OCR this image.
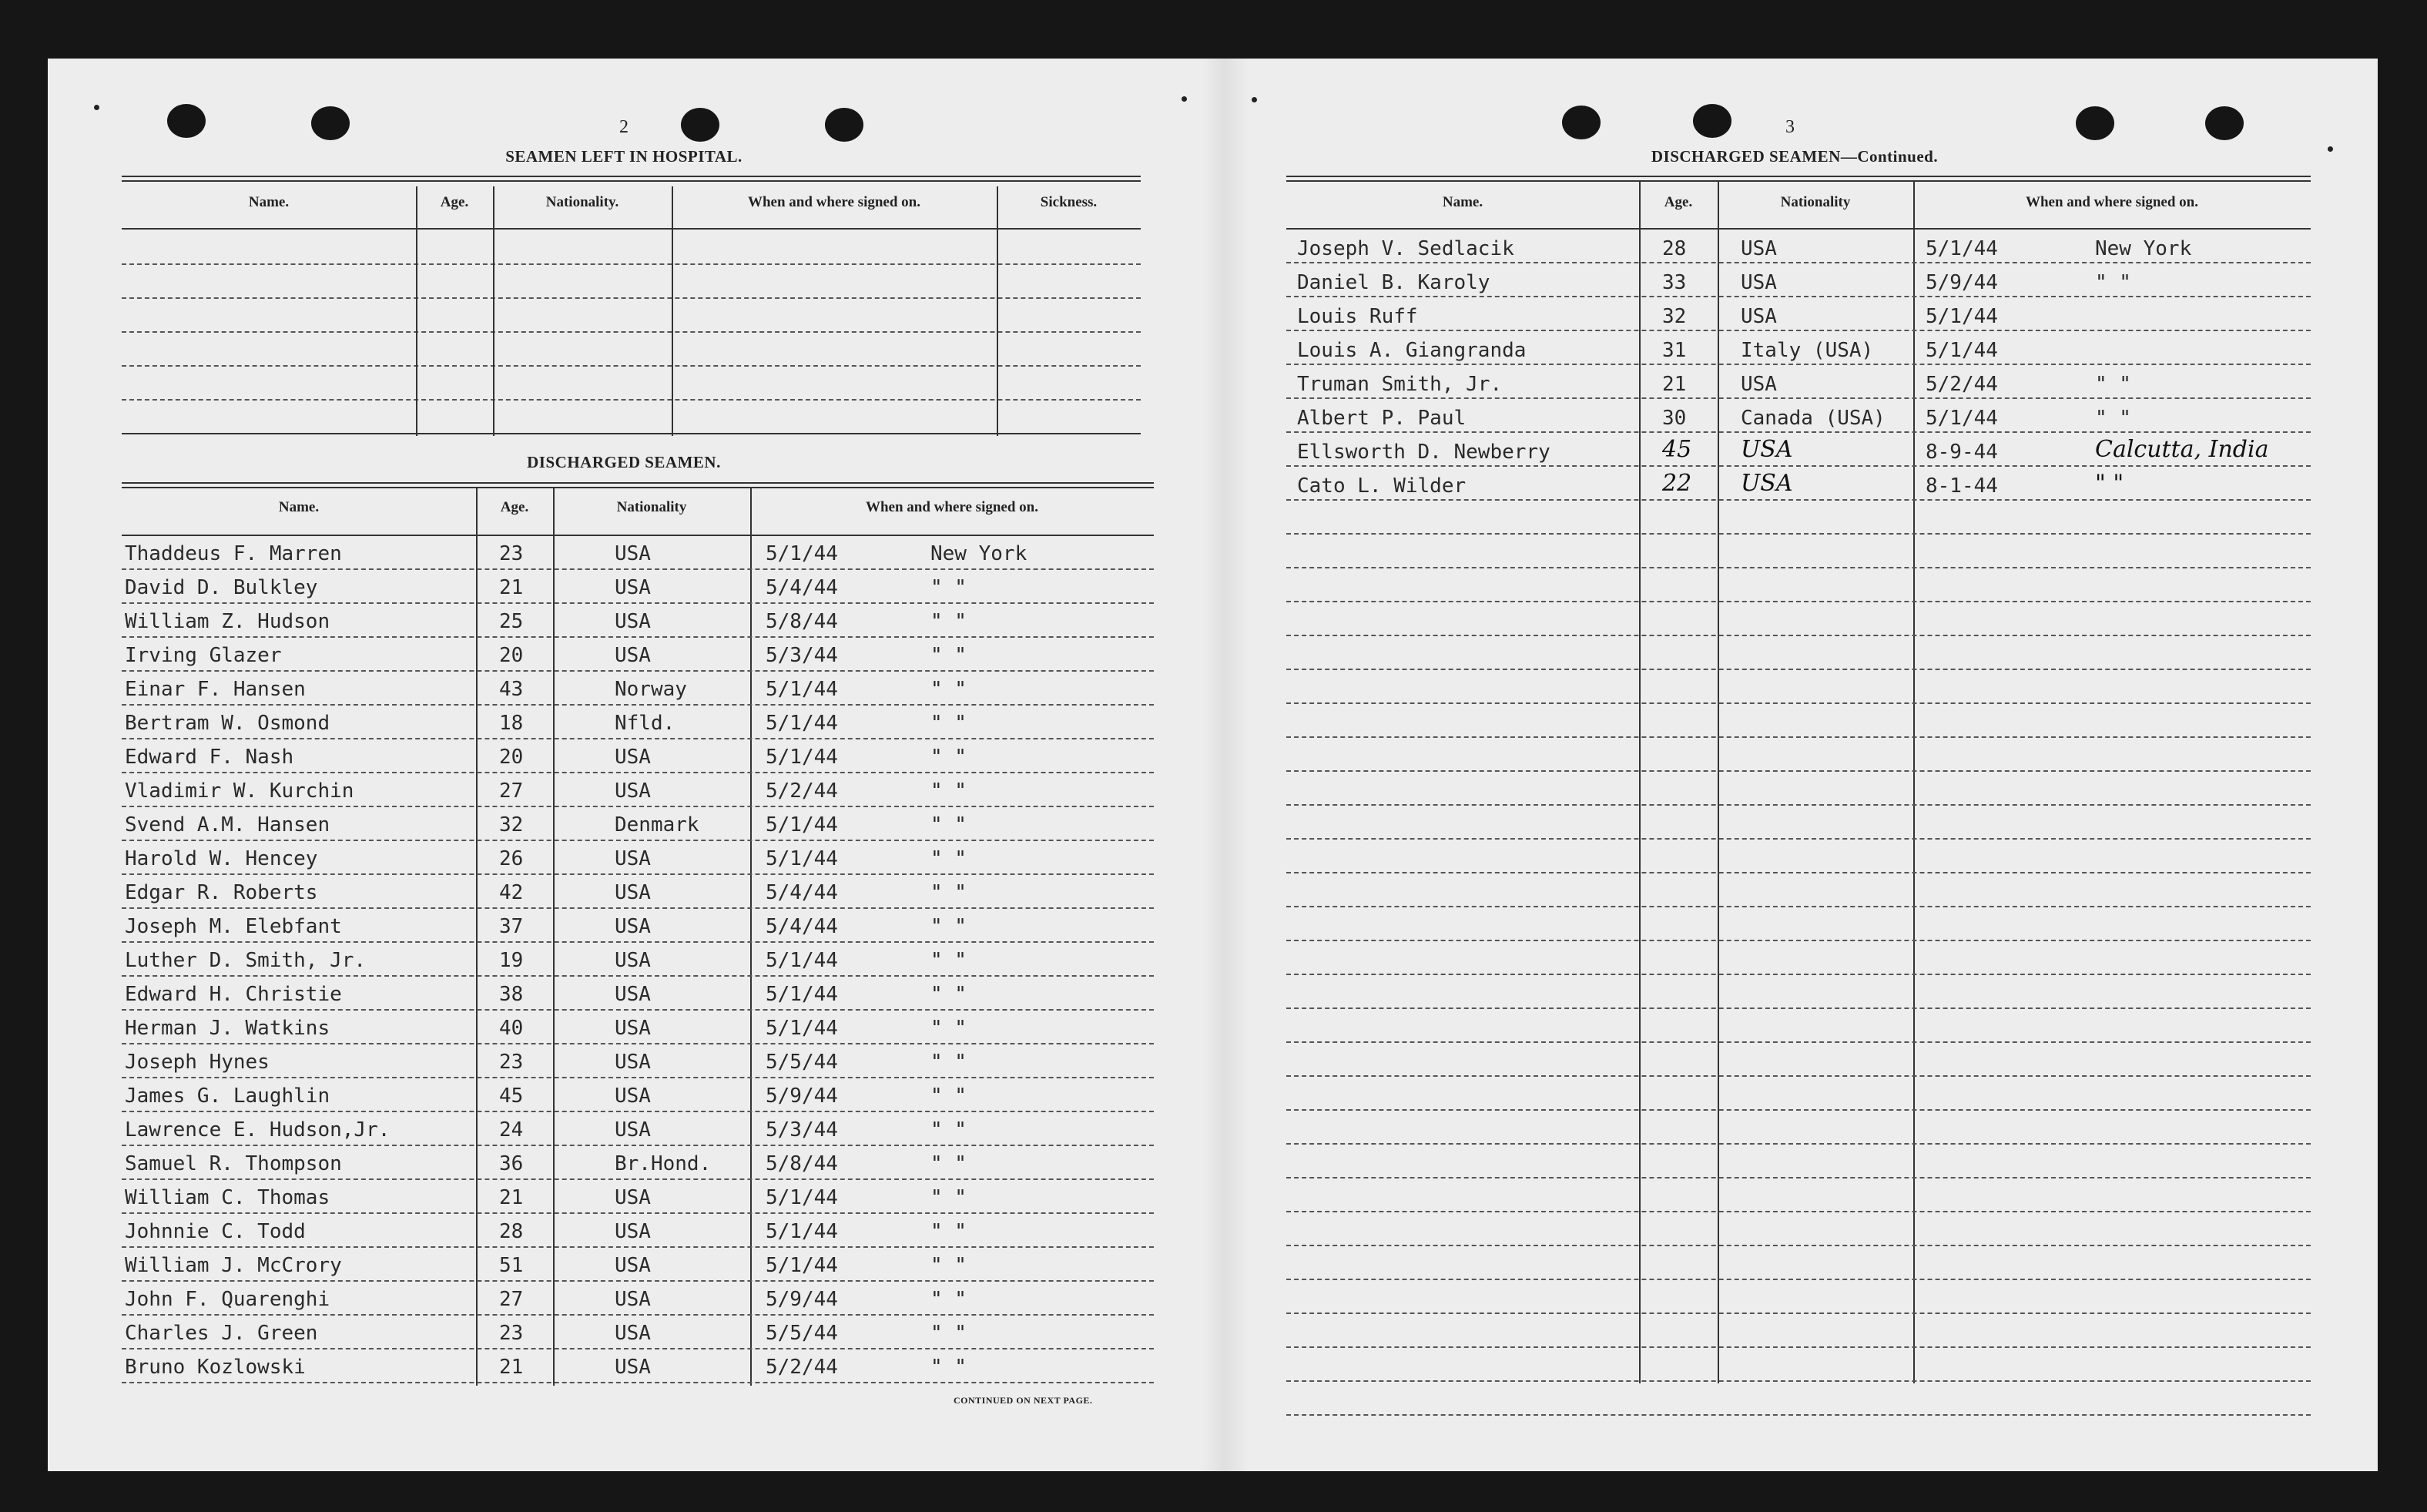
2
SEAMEN LEFT IN HOSPITAL.
Name.	Age.	Nationality.	When and where signed on.	Sickness.
DISCHARGED SEAMEN.
Name.	Age.	Nationality	When and where signed on.
Thaddeus F. Marren	23	USA	5/1/44	New York
David D. Bulkley	21	USA	5/4/44	" "
William Z. Hudson	25	USA	5/8/44	" "
Irving Glazer	20	USA	5/3/44	" "
Einar F. Hansen	43	Norway	5/1/44	" "
Bertram W. Osmond	18	Nfld.	5/1/44	" "
Edward F. Nash	20	USA	5/1/44	" "
Vladimir W. Kurchin	27	USA	5/2/44	" "
Svend A.M. Hansen	32	Denmark	5/1/44	" "
Harold W. Hencey	26	USA	5/1/44	" "
Edgar R. Roberts	42	USA	5/4/44	" "
Joseph M. Elebfant	37	USA	5/4/44	" "
Luther D. Smith, Jr.	19	USA	5/1/44	" "
Edward H. Christie	38	USA	5/1/44	" "
Herman J. Watkins	40	USA	5/1/44	" "
Joseph Hynes	23	USA	5/5/44	" "
James G. Laughlin	45	USA	5/9/44	" "
Lawrence E. Hudson,Jr.	24	USA	5/3/44	" "
Samuel R. Thompson	36	Br.Hond.	5/8/44	" "
William C. Thomas	21	USA	5/1/44	" "
Johnnie C. Todd	28	USA	5/1/44	" "
William J. McCrory	51	USA	5/1/44	" "
John F. Quarenghi	27	USA	5/9/44	" "
Charles J. Green	23	USA	5/5/44	" "
Bruno Kozlowski	21	USA	5/2/44	" "
CONTINUED ON NEXT PAGE.
3
DISCHARGED SEAMEN—Continued.
Name.	Age.	Nationality	When and where signed on.
Joseph V. Sedlacik	28	USA	5/1/44	New York
Daniel B. Karoly	33	USA	5/9/44	" "
Louis Ruff	32	USA	5/1/44
Louis A. Giangranda	31	Italy (USA)	5/1/44
Truman Smith, Jr.	21	USA	5/2/44	" "
Albert P. Paul	30	Canada (USA) 5/1/44	" "
Ellsworth D. Newberry	45 USA	8-9-44	Calcutta, India
Cato L. Wilder	22 USA	8-1-44	" "
